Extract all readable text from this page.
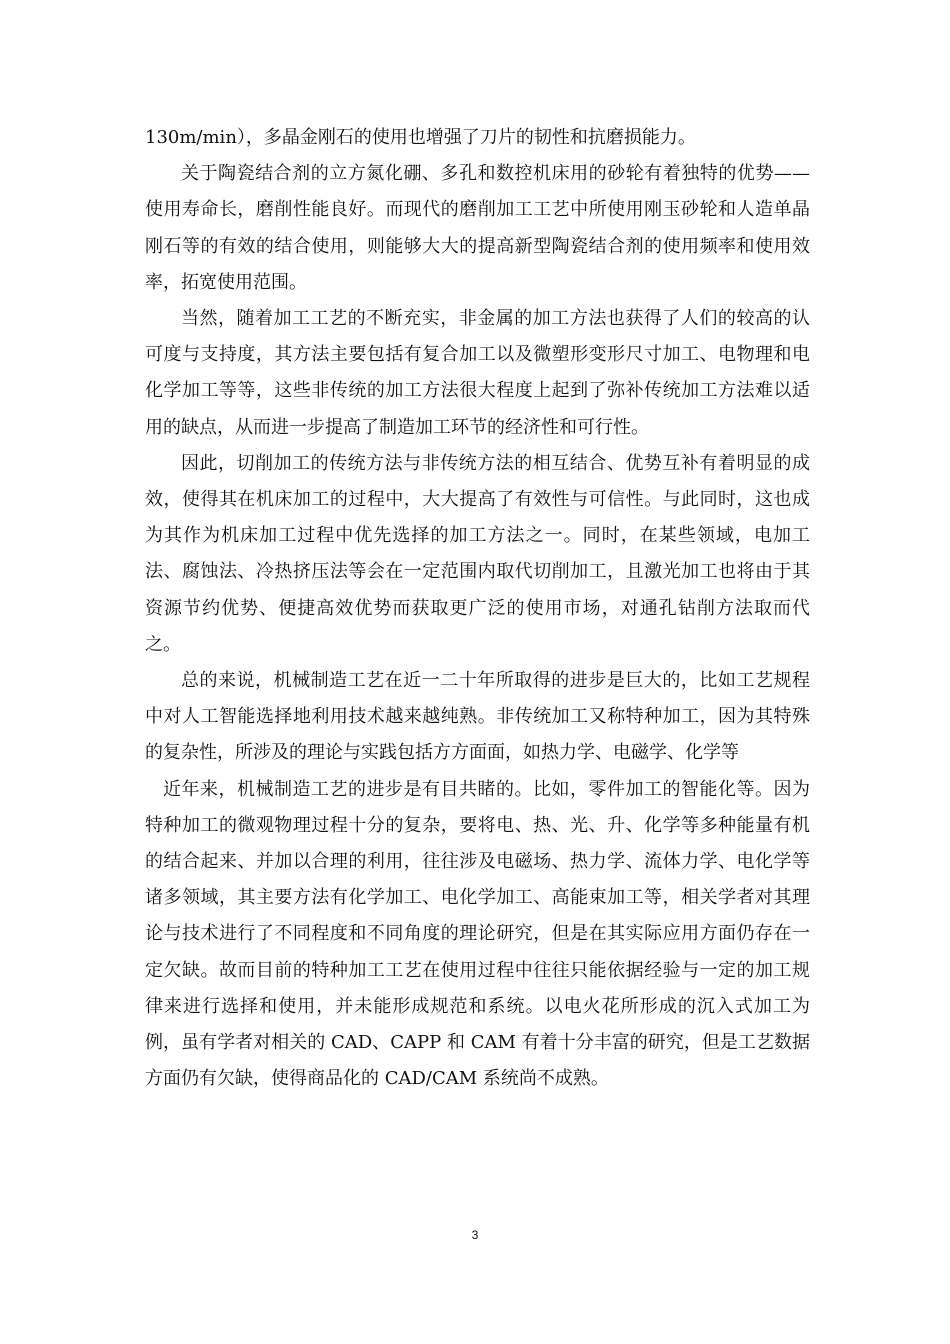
130m/min），多晶金刚石的使用也增强了刀片的韧性和抗磨损能力。

关于陶瓷结合剂的立方氮化硼、多孔和数控机床用的砂轮有着独特的优势——使用寿命长，磨削性能良好。而现代的磨削加工工艺中所使用刚玉砂轮和人造单晶刚石等的有效的结合使用，则能够大大的提高新型陶瓷结合剂的使用频率和使用效率，拓宽使用范围。

当然，随着加工工艺的不断充实，非金属的加工方法也获得了人们的较高的认可度与支持度，其方法主要包括有复合加工以及微塑形变形尺寸加工、电物理和电化学加工等等，这些非传统的加工方法很大程度上起到了弥补传统加工方法难以适用的缺点，从而进一步提高了制造加工环节的经济性和可行性。

因此，切削加工的传统方法与非传统方法的相互结合、优势互补有着明显的成效，使得其在机床加工的过程中，大大提高了有效性与可信性。与此同时，这也成为其作为机床加工过程中优先选择的加工方法之一。同时，在某些领域，电加工法、腐蚀法、冷热挤压法等会在一定范围内取代切削加工，且激光加工也将由于其资源节约优势、便捷高效优势而获取更广泛的使用市场，对通孔钻削方法取而代之。

总的来说，机械制造工艺在近一二十年所取得的进步是巨大的，比如工艺规程中对人工智能选择地利用技术越来越纯熟。非传统加工又称特种加工，因为其特殊的复杂性，所涉及的理论与实践包括方方面面，如热力学、电磁学、化学等

近年来，机械制造工艺的进步是有目共睹的。比如，零件加工的智能化等。因为特种加工的微观物理过程十分的复杂，要将电、热、光、升、化学等多种能量有机的结合起来、并加以合理的利用，往往涉及电磁场、热力学、流体力学、电化学等诸多领域，其主要方法有化学加工、电化学加工、高能束加工等，相关学者对其理论与技术进行了不同程度和不同角度的理论研究，但是在其实际应用方面仍存在一定欠缺。故而目前的特种加工工艺在使用过程中往往只能依据经验与一定的加工规律来进行选择和使用，并未能形成规范和系统。以电火花所形成的沉入式加工为例，虽有学者对相关的 CAD、CAPP 和 CAM 有着十分丰富的研究，但是工艺数据方面仍有欠缺，使得商品化的 CAD/CAM 系统尚不成熟。

3
